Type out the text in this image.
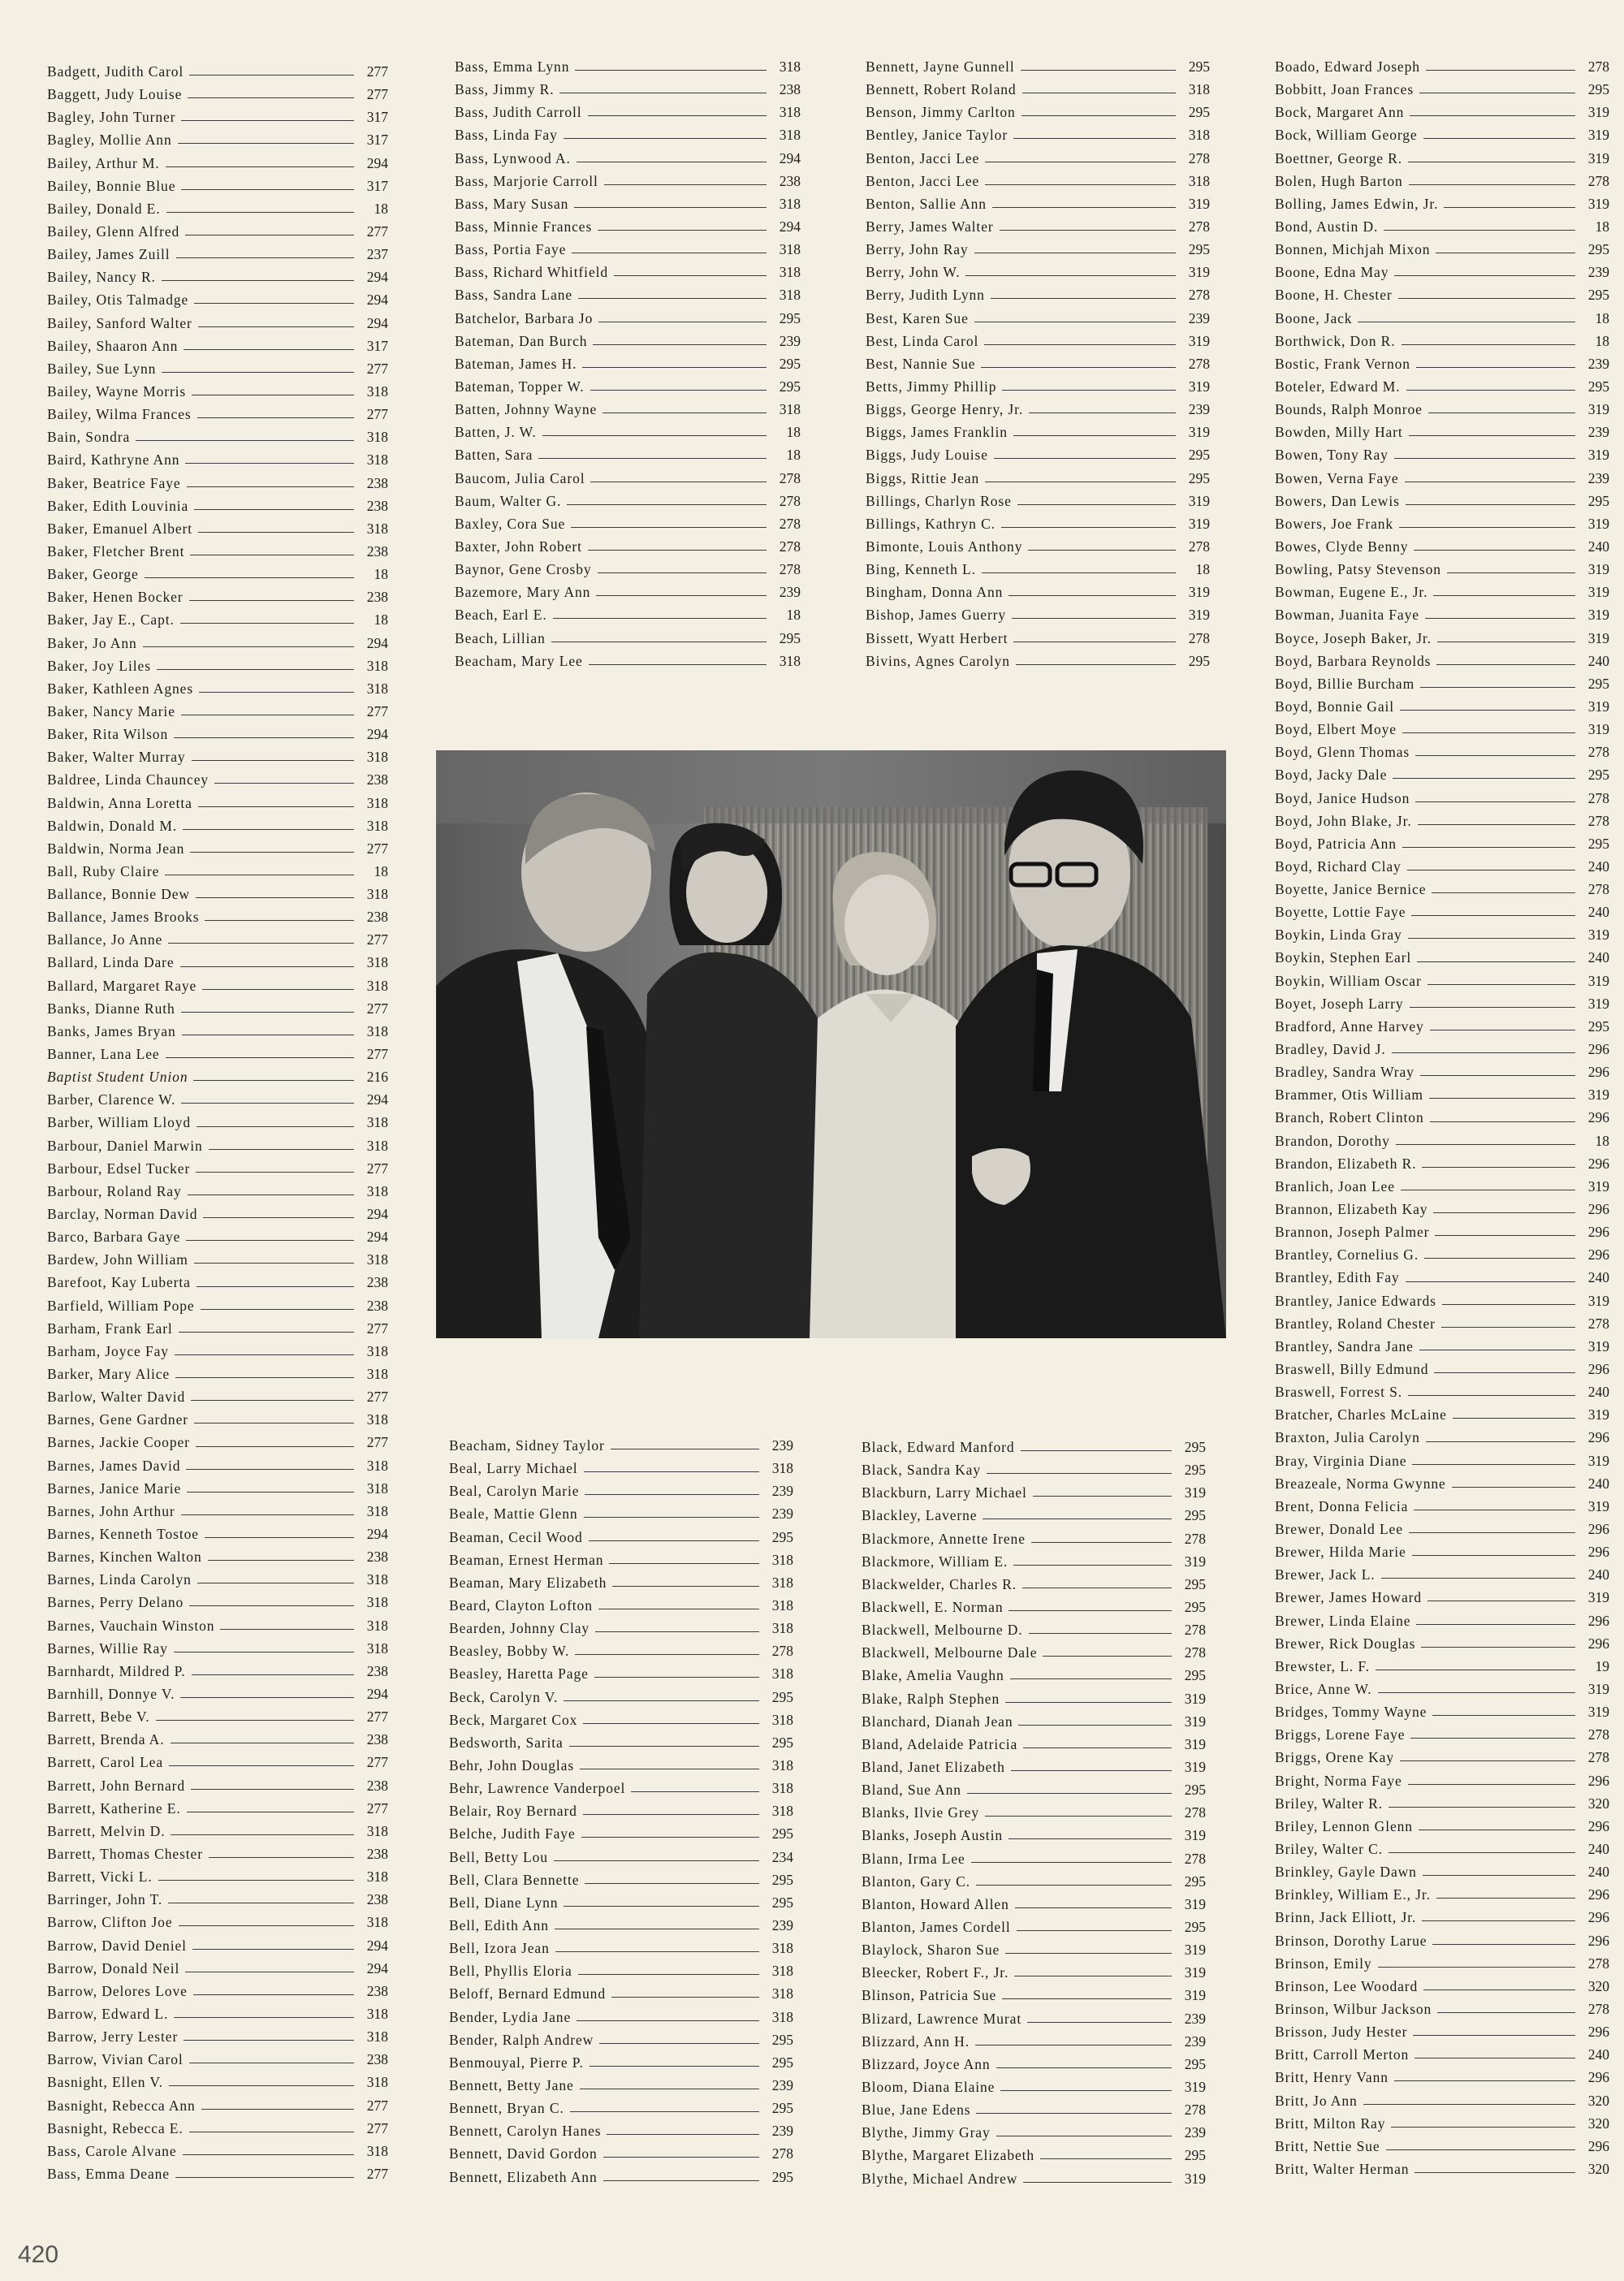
Badgett, Judith Carol	277
Baggett, Judy Louise	277
Bagley, John Turner	317
Bagley, Mollie Ann	317
Bailey, Arthur M.	294
Bailey, Bonnie Blue	317
Bailey, Donald E.	18
Bailey, Glenn Alfred	277
Bailey, James Zuill	237
Bailey, Nancy R.	294
Bailey, Otis Talmadge	294
Bailey, Sanford Walter	294
Bailey, Shaaron Ann	317
Bailey, Sue Lynn	277
Bailey, Wayne Morris	318
Bailey, Wilma Frances	277
Bain, Sondra	318
Baird, Kathryne Ann	318
Baker, Beatrice Faye	238
Baker, Edith Louvinia	238
Baker, Emanuel Albert	318
Baker, Fletcher Brent	238
Baker, George	18
Baker, Henen Bocker	238
Baker, Jay E., Capt.	18
Baker, Jo Ann	294
Baker, Joy Liles	318
Baker, Kathleen Agnes	318
Baker, Nancy Marie	277
Baker, Rita Wilson	294
Baker, Walter Murray	318
Baldree, Linda Chauncey	238
Baldwin, Anna Loretta	318
Baldwin, Donald M.	318
Baldwin, Norma Jean	277
Ball, Ruby Claire	18
Ballance, Bonnie Dew	318
Ballance, James Brooks	238
Ballance, Jo Anne	277
Ballard, Linda Dare	318
Ballard, Margaret Raye	318
Banks, Dianne Ruth	277
Banks, James Bryan	318
Banner, Lana Lee	277
Baptist Student Union	216
Barber, Clarence W.	294
Barber, William Lloyd	318
Barbour, Daniel Marwin	318
Barbour, Edsel Tucker	277
Barbour, Roland Ray	318
Barclay, Norman David	294
Barco, Barbara Gaye	294
Bardew, John William	318
Barefoot, Kay Luberta	238
Barfield, William Pope	238
Barham, Frank Earl	277
Barham, Joyce Fay	318
Barker, Mary Alice	318
Barlow, Walter David	277
Barnes, Gene Gardner	318
Barnes, Jackie Cooper	277
Barnes, James David	318
Barnes, Janice Marie	318
Barnes, John Arthur	318
Barnes, Kenneth Tostoe	294
Barnes, Kinchen Walton	238
Barnes, Linda Carolyn	318
Barnes, Perry Delano	318
Barnes, Vauchain Winston	318
Barnes, Willie Ray	318
Barnhardt, Mildred P.	238
Barnhill, Donnye V.	294
Barrett, Bebe V.	277
Barrett, Brenda A.	238
Barrett, Carol Lea	277
Barrett, John Bernard	238
Barrett, Katherine E.	277
Barrett, Melvin D.	318
Barrett, Thomas Chester	238
Barrett, Vicki L.	318
Barringer, John T.	238
Barrow, Clifton Joe	318
Barrow, David Deniel	294
Barrow, Donald Neil	294
Barrow, Delores Love	238
Barrow, Edward L.	318
Barrow, Jerry Lester	318
Barrow, Vivian Carol	238
Basnight, Ellen V.	318
Basnight, Rebecca Ann	277
Basnight, Rebecca E.	277
Bass, Carole Alvane	318
Bass, Emma Deane	277
Bass, Emma Lynn	318
Bass, Jimmy R.	238
Bass, Judith Carroll	318
Bass, Linda Fay	318
Bass, Lynwood A.	294
Bass, Marjorie Carroll	238
Bass, Mary Susan	318
Bass, Minnie Frances	294
Bass, Portia Faye	318
Bass, Richard Whitfield	318
Bass, Sandra Lane	318
Batchelor, Barbara Jo	295
Bateman, Dan Burch	239
Bateman, James H.	295
Bateman, Topper W.	295
Batten, Johnny Wayne	318
Batten, J. W.	18
Batten, Sara	18
Baucom, Julia Carol	278
Baum, Walter G.	278
Baxley, Cora Sue	278
Baxter, John Robert	278
Baynor, Gene Crosby	278
Bazemore, Mary Ann	239
Beach, Earl E.	18
Beach, Lillian	295
Beacham, Mary Lee	318
Bennett, Jayne Gunnell	295
Bennett, Robert Roland	318
Benson, Jimmy Carlton	295
Bentley, Janice Taylor	318
Benton, Jacci Lee	278
Benton, Jacci Lee	318
Benton, Sallie Ann	319
Berry, James Walter	278
Berry, John Ray	295
Berry, John W.	319
Berry, Judith Lynn	278
Best, Karen Sue	239
Best, Linda Carol	319
Best, Nannie Sue	278
Betts, Jimmy Phillip	319
Biggs, George Henry, Jr.	239
Biggs, James Franklin	319
Biggs, Judy Louise	295
Biggs, Rittie Jean	295
Billings, Charlyn Rose	319
Billings, Kathryn C.	319
Bimonte, Louis Anthony	278
Bing, Kenneth L.	18
Bingham, Donna Ann	319
Bishop, James Guerry	319
Bissett, Wyatt Herbert	278
Bivins, Agnes Carolyn	295
Beacham, Sidney Taylor	239
Beal, Larry Michael	318
Beal, Carolyn Marie	239
Beale, Mattie Glenn	239
Beaman, Cecil Wood	295
Beaman, Ernest Herman	318
Beaman, Mary Elizabeth	318
Beard, Clayton Lofton	318
Bearden, Johnny Clay	318
Beasley, Bobby W.	278
Beasley, Haretta Page	318
Beck, Carolyn V.	295
Beck, Margaret Cox	318
Bedsworth, Sarita	295
Behr, John Douglas	318
Behr, Lawrence Vanderpoel	318
Belair, Roy Bernard	318
Belche, Judith Faye	295
Bell, Betty Lou	234
Bell, Clara Bennette	295
Bell, Diane Lynn	295
Bell, Edith Ann	239
Bell, Izora Jean	318
Bell, Phyllis Eloria	318
Beloff, Bernard Edmund	318
Bender, Lydia Jane	318
Bender, Ralph Andrew	295
Benmouyal, Pierre P.	295
Bennett, Betty Jane	239
Bennett, Bryan C.	295
Bennett, Carolyn Hanes	239
Bennett, David Gordon	278
Bennett, Elizabeth Ann	295
Black, Edward Manford	295
Black, Sandra Kay	295
Blackburn, Larry Michael	319
Blackley, Laverne	295
Blackmore, Annette Irene	278
Blackmore, William E.	319
Blackwelder, Charles R.	295
Blackwell, E. Norman	295
Blackwell, Melbourne D.	278
Blackwell, Melbourne Dale	278
Blake, Amelia Vaughn	295
Blake, Ralph Stephen	319
Blanchard, Dianah Jean	319
Bland, Adelaide Patricia	319
Bland, Janet Elizabeth	319
Bland, Sue Ann	295
Blanks, Ilvie Grey	278
Blanks, Joseph Austin	319
Blann, Irma Lee	278
Blanton, Gary C.	295
Blanton, Howard Allen	319
Blanton, James Cordell	295
Blaylock, Sharon Sue	319
Bleecker, Robert F., Jr.	319
Blinson, Patricia Sue	319
Blizard, Lawrence Murat	239
Blizzard, Ann H.	239
Blizzard, Joyce Ann	295
Bloom, Diana Elaine	319
Blue, Jane Edens	278
Blythe, Jimmy Gray	239
Blythe, Margaret Elizabeth	295
Blythe, Michael Andrew	319
Boado, Edward Joseph	278
Bobbitt, Joan Frances	295
Bock, Margaret Ann	319
Bock, William George	319
Boettner, George R.	319
Bolen, Hugh Barton	278
Bolling, James Edwin, Jr.	319
Bond, Austin D.	18
Bonnen, Michjah Mixon	295
Boone, Edna May	239
Boone, H. Chester	295
Boone, Jack	18
Borthwick, Don R.	18
Bostic, Frank Vernon	239
Boteler, Edward M.	295
Bounds, Ralph Monroe	319
Bowden, Milly Hart	239
Bowen, Tony Ray	319
Bowen, Verna Faye	239
Bowers, Dan Lewis	295
Bowers, Joe Frank	319
Bowes, Clyde Benny	240
Bowling, Patsy Stevenson	319
Bowman, Eugene E., Jr.	319
Bowman, Juanita Faye	319
Boyce, Joseph Baker, Jr.	319
Boyd, Barbara Reynolds	240
Boyd, Billie Burcham	295
Boyd, Bonnie Gail	319
Boyd, Elbert Moye	319
Boyd, Glenn Thomas	278
Boyd, Jacky Dale	295
Boyd, Janice Hudson	278
Boyd, John Blake, Jr.	278
Boyd, Patricia Ann	295
Boyd, Richard Clay	240
Boyette, Janice Bernice	278
Boyette, Lottie Faye	240
Boykin, Linda Gray	319
Boykin, Stephen Earl	240
Boykin, William Oscar	319
Boyet, Joseph Larry	319
Bradford, Anne Harvey	295
Bradley, David J.	296
Bradley, Sandra Wray	296
Brammer, Otis William	319
Branch, Robert Clinton	296
Brandon, Dorothy	18
Brandon, Elizabeth R.	296
Branlich, Joan Lee	319
Brannon, Elizabeth Kay	296
Brannon, Joseph Palmer	296
Brantley, Cornelius G.	296
Brantley, Edith Fay	240
Brantley, Janice Edwards	319
Brantley, Roland Chester	278
Brantley, Sandra Jane	319
Braswell, Billy Edmund	296
Braswell, Forrest S.	240
Bratcher, Charles McLaine	319
Braxton, Julia Carolyn	296
Bray, Virginia Diane	319
Breazeale, Norma Gwynne	240
Brent, Donna Felicia	319
Brewer, Donald Lee	296
Brewer, Hilda Marie	296
Brewer, Jack L.	240
Brewer, James Howard	319
Brewer, Linda Elaine	296
Brewer, Rick Douglas	296
Brewster, L. F.	19
Brice, Anne W.	319
Bridges, Tommy Wayne	319
Briggs, Lorene Faye	278
Briggs, Orene Kay	278
Bright, Norma Faye	296
Briley, Walter R.	320
Briley, Lennon Glenn	296
Briley, Walter C.	240
Brinkley, Gayle Dawn	240
Brinkley, William E., Jr.	296
Brinn, Jack Elliott, Jr.	296
Brinson, Dorothy Larue	296
Brinson, Emily	278
Brinson, Lee Woodard	320
Brinson, Wilbur Jackson	278
Brisson, Judy Hester	296
Britt, Carroll Merton	240
Britt, Henry Vann	296
Britt, Jo Ann	320
Britt, Milton Ray	320
Britt, Nettie Sue	296
Britt, Walter Herman	320
420
